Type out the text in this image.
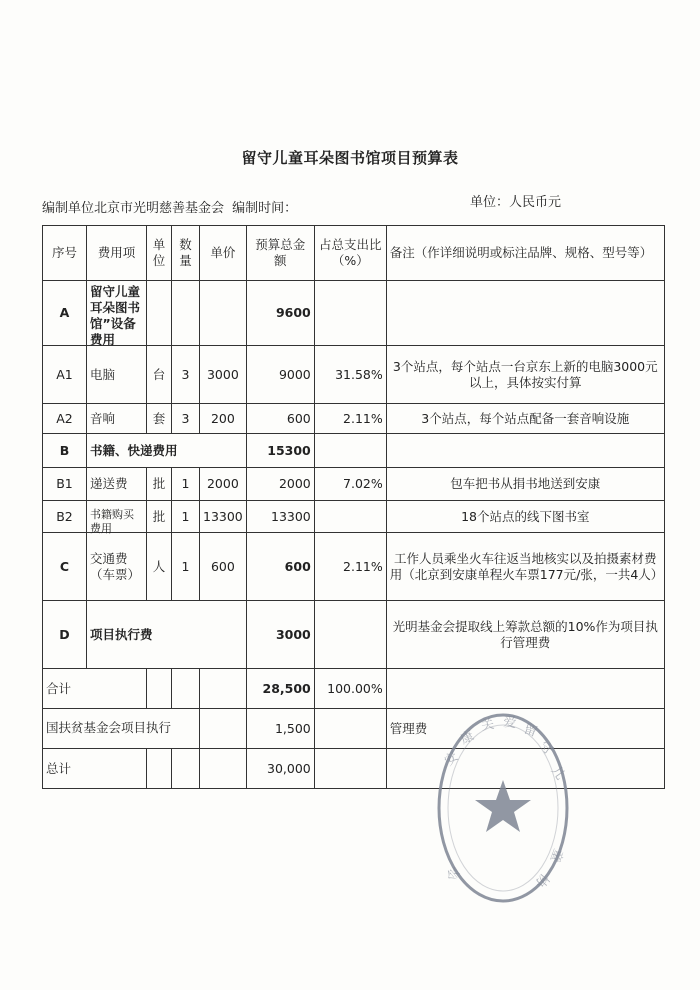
留守儿童耳朵图书馆项目预算表
编制单位北京市光明慈善基金会 编制时间：	单位：人民币元
序号	费用项	单位	数量	单价	预算总金额	占总支出比（%）	备注（作详细说明或标注品牌、规格、型号等）
A	留守儿童耳朵图书馆”设备费用				9600		
A1	电脑	台	3	3000	9000	31.58%	3个站点，每个站点一台京东上新的电脑3000元以上，具体按实付算
A2	音响	套	3	200	600	2.11%	3个站点，每个站点配备一套音响设施
B	书籍、快递费用				15300		
B1	递送费	批	1	2000	2000	7.02%	包车把书从捐书地送到安康
B2	书籍购买费用	批	1	13300	13300		18个站点的线下图书室
C	交通费（车票）	人	1	600	600	2.11%	工作人员乘坐火车往返当地核实以及拍摄素材费用（北京到安康单程火车票177元/张，一共4人）
D	项目执行费				3000		光明基金会提取线上筹款总额的10%作为项目执行管理费
合计					28,500	100.00%	

国扶贫基金会项目执行					1,500		管理费
总计					30,000			安
康
关 爱 留
守
儿
童
协
会
